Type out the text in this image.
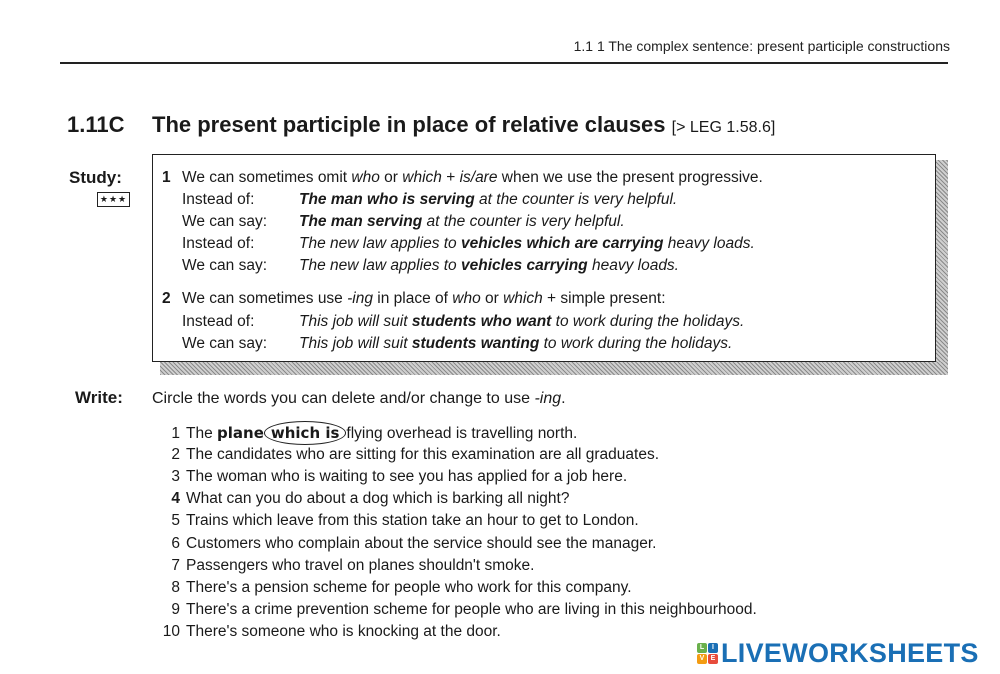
1.1 1 The complex sentence: present participle constructions
1.11C The present participle in place of relative clauses [> LEG 1.58.6]
Study:
★★★
1 We can sometimes omit who or which + is/are when we use the present progressive.
Instead of:	The man who is serving at the counter is very helpful.
We can say: The man serving at the counter is very helpful.
Instead of:	The new law applies to vehicles which are carrying heavy loads.
We can say: The new law applies to vehicles carrying heavy loads.
2 We can sometimes use -ing in place of who or which + simple present:
Instead of:	This job will suit students who want to work during the holidays.
We can say: This job will suit students wanting to work during the holidays.
Write: Circle the words you can delete and/or change to use -ing.
1 The plane which is flying overhead is travelling north.
2 The candidates who are sitting for this examination are all graduates.
3 The woman who is waiting to see you has applied for a job here.
4 What can you do about a dog which is barking all night?
5 Trains which leave from this station take an hour to get to London.
6 Customers who complain about the service should see the manager.
7 Passengers who travel on planes shouldn't smoke.
8 There's a pension scheme for people who work for this company.
9 There's a crime prevention scheme for people who are living in this neighbourhood.
10 There's someone who is knocking at the door.
L	I
V E LIVEWORKSHEETS
